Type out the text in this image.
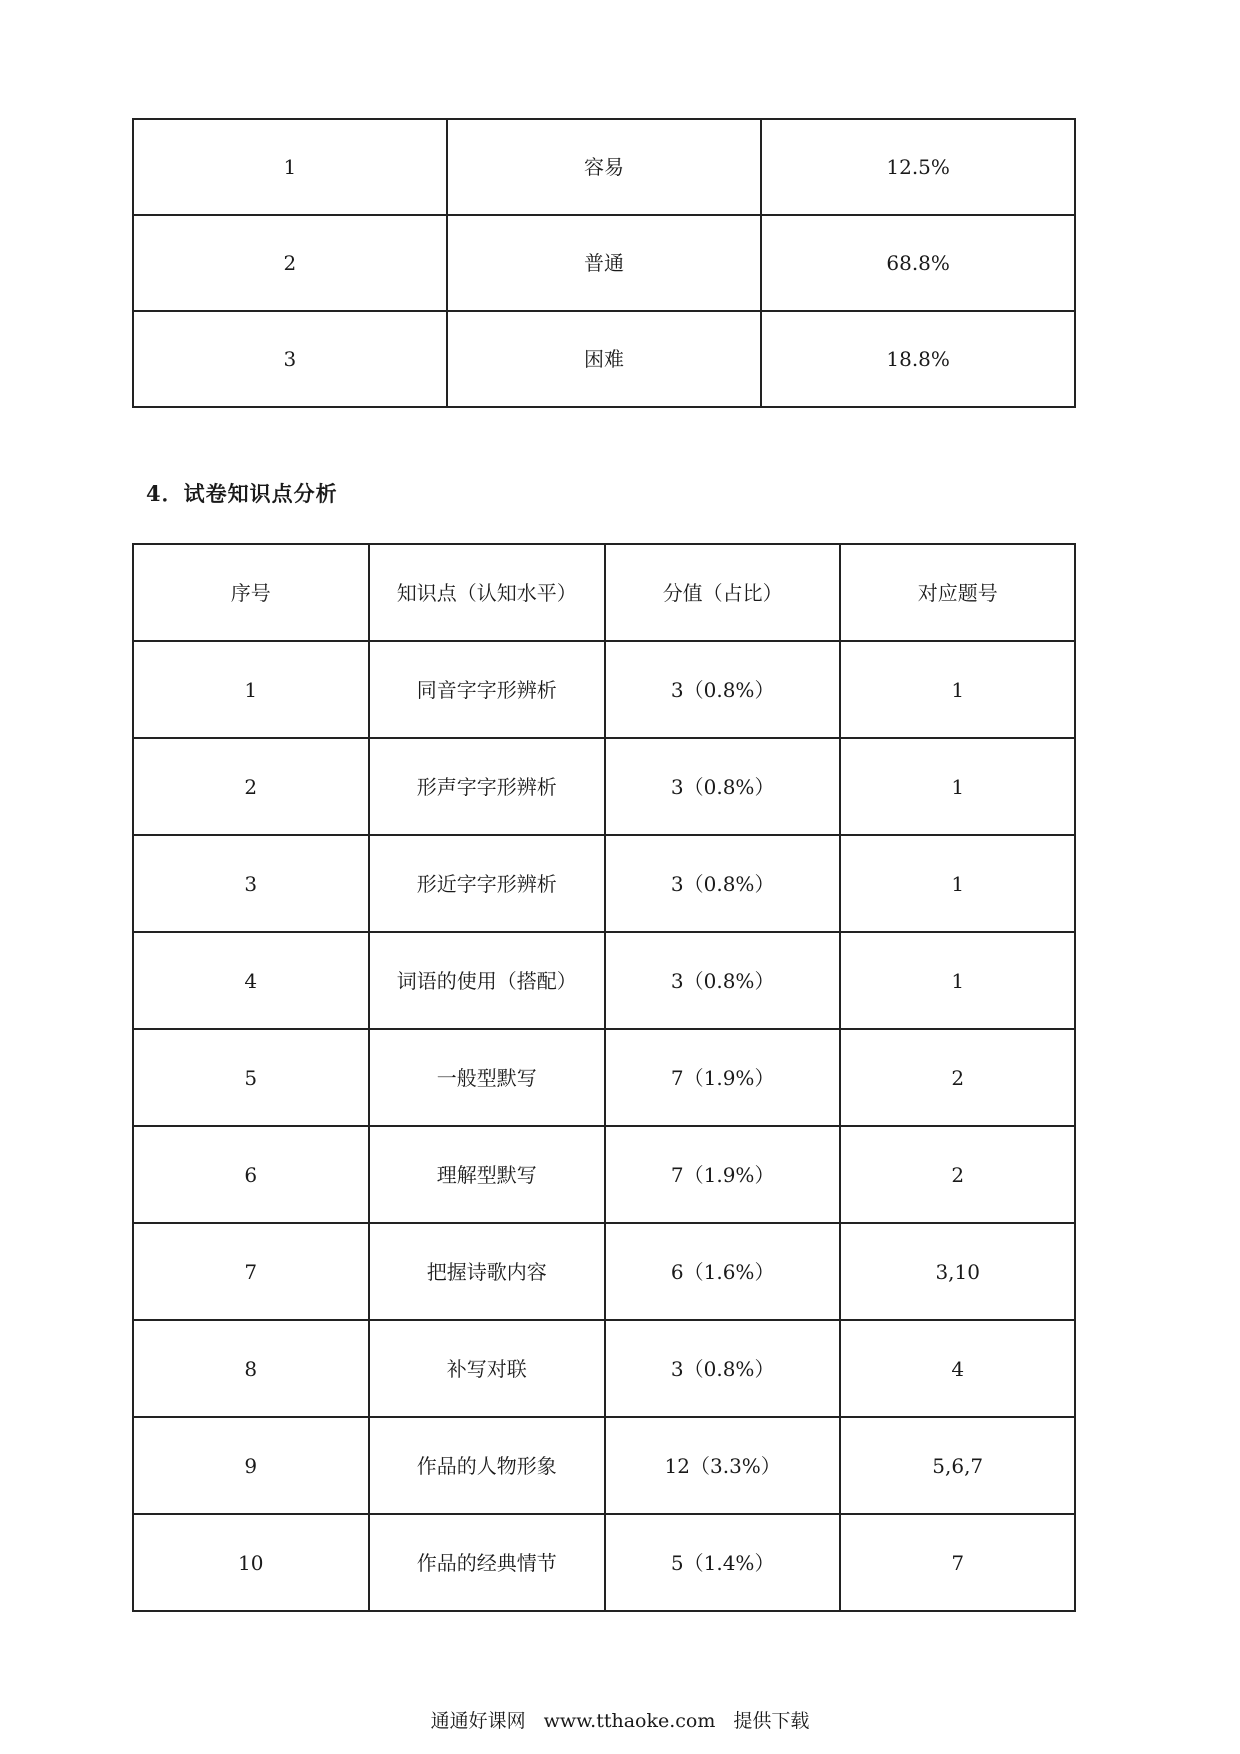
1	容易	12.5%
2	普通	68.8%
3	困难	18.8%
4．试卷知识点分析
序号	知识点（认知水平）	分值（占比）	对应题号
1	同音字字形辨析	3（0.8%）	1
2	形声字字形辨析	3（0.8%）	1
3	形近字字形辨析	3（0.8%）	1
4	词语的使用（搭配）	3（0.8%）	1
5	一般型默写	7（1.9%）	2
6	理解型默写	7（1.9%）	2
7	把握诗歌内容	6（1.6%）	3,10
8	补写对联	3（0.8%）	4
9	作品的人物形象	12（3.3%）	5,6,7
10	作品的经典情节	5（1.4%）	7
通通好课网 www.tthaoke.com 提供下载
